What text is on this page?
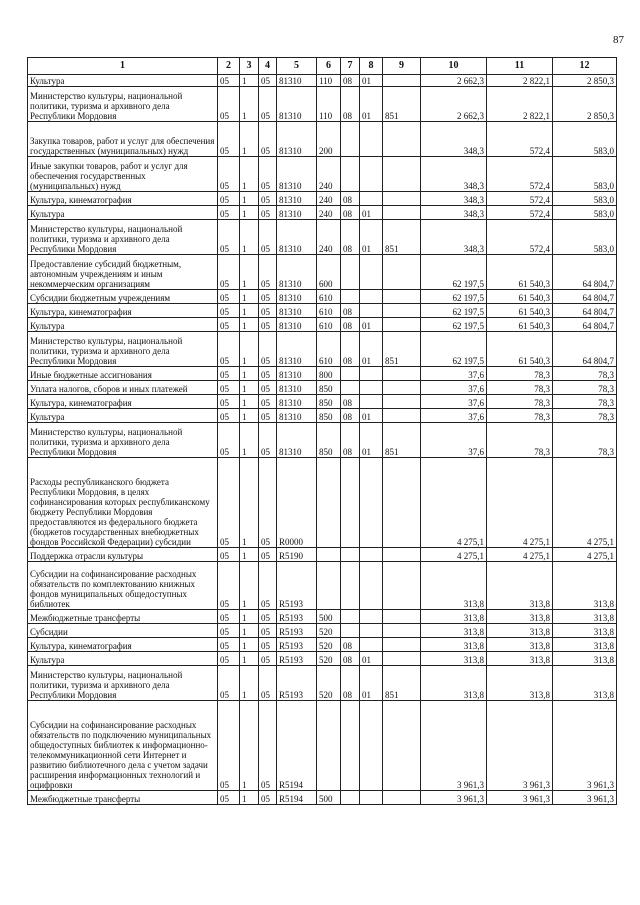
87
1	2	3	4	5	6	7	8	9	10	11	12
Культура	05	1	05	81310	110	08	01		2 662,3	2 822,1	2 850,3
Министерство культуры, национальной политики, туризма и архивного дела Республики Мордовия	05	1	05	81310	110	08	01	851	2 662,3	2 822,1	2 850,3
Закупка товаров, работ и услуг для обеспечения государственных (муниципальных) нужд	05	1	05	81310	200				348,3	572,4	583,0
Иные закупки товаров, работ и услуг для обеспечения государственных (муниципальных) нужд	05	1	05	81310	240				348,3	572,4	583,0
Культура, кинематография	05	1	05	81310	240	08			348,3	572,4	583,0
Культура	05	1	05	81310	240	08	01		348,3	572,4	583,0
Министерство культуры, национальной политики, туризма и архивного дела Республики Мордовия	05	1	05	81310	240	08	01	851	348,3	572,4	583,0
Предоставление субсидий бюджетным, автономным учреждениям и иным некоммерческим организациям	05	1	05	81310	600				62 197,5	61 540,3	64 804,7
Субсидии бюджетным учреждениям	05	1	05	81310	610				62 197,5	61 540,3	64 804,7
Культура, кинематография	05	1	05	81310	610	08			62 197,5	61 540,3	64 804,7
Культура	05	1	05	81310	610	08	01		62 197,5	61 540,3	64 804,7
Министерство культуры, национальной политики, туризма и архивного дела Республики Мордовия	05	1	05	81310	610	08	01	851	62 197,5	61 540,3	64 804,7
Иные бюджетные ассигнования	05	1	05	81310	800				37,6	78,3	78,3
Уплата налогов, сборов и иных платежей	05	1	05	81310	850				37,6	78,3	78,3
Культура, кинематография	05	1	05	81310	850	08			37,6	78,3	78,3
Культура	05	1	05	81310	850	08	01		37,6	78,3	78,3
Министерство культуры, национальной политики, туризма и архивного дела Республики Мордовия	05	1	05	81310	850	08	01	851	37,6	78,3	78,3
Расходы республиканского бюджета Республики Мордовия, в целях софинансирования которых республиканскому бюджету Республики Мордовия предоставляются из федерального бюджета (бюджетов государственных внебюджетных фондов Российской Федерации) субсидии	05	1	05	R0000					4 275,1	4 275,1	4 275,1
Поддержка отрасли культуры	05	1	05	R5190					4 275,1	4 275,1	4 275,1
Субсидии на софинансирование расходных обязательств по комплектованию книжных фондов муниципальных общедоступных библиотек	05	1	05	R5193					313,8	313,8	313,8
Межбюджетные трансферты	05	1	05	R5193	500				313,8	313,8	313,8
Субсидии	05	1	05	R5193	520				313,8	313,8	313,8
Культура, кинематография	05	1	05	R5193	520	08			313,8	313,8	313,8
Культура	05	1	05	R5193	520	08	01		313,8	313,8	313,8
Министерство культуры, национальной политики, туризма и архивного дела Республики Мордовия	05	1	05	R5193	520	08	01	851	313,8	313,8	313,8
Субсидии на софинансирование расходных обязательств по подключению муниципальных общедоступных библиотек к информационно-телекоммуникационной сети Интернет и развитию библиотечного дела с учетом задачи расширения информационных технологий и оцифровки	05	1	05	R5194					3 961,3	3 961,3	3 961,3
Межбюджетные трансферты	05	1	05	R5194	500				3 961,3	3 961,3	3 961,3
